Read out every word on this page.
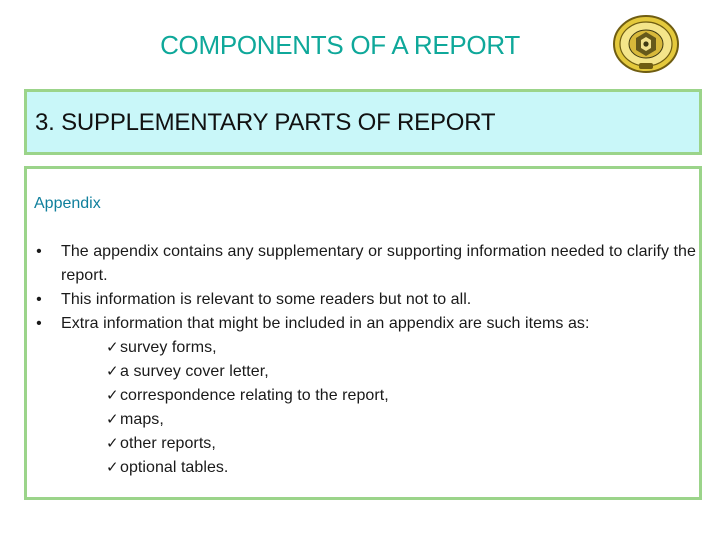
COMPONENTS OF A REPORT
3. SUPPLEMENTARY PARTS OF REPORT
Appendix
• The appendix contains any supplementary or supporting information needed to clarify the report.
• This information is relevant to some readers but not to all.
• Extra information that might be included in an appendix are such items as:
✓ survey forms,
✓ a survey cover letter,
✓ correspondence relating to the report,
✓ maps,
✓ other reports,
✓ optional tables.
